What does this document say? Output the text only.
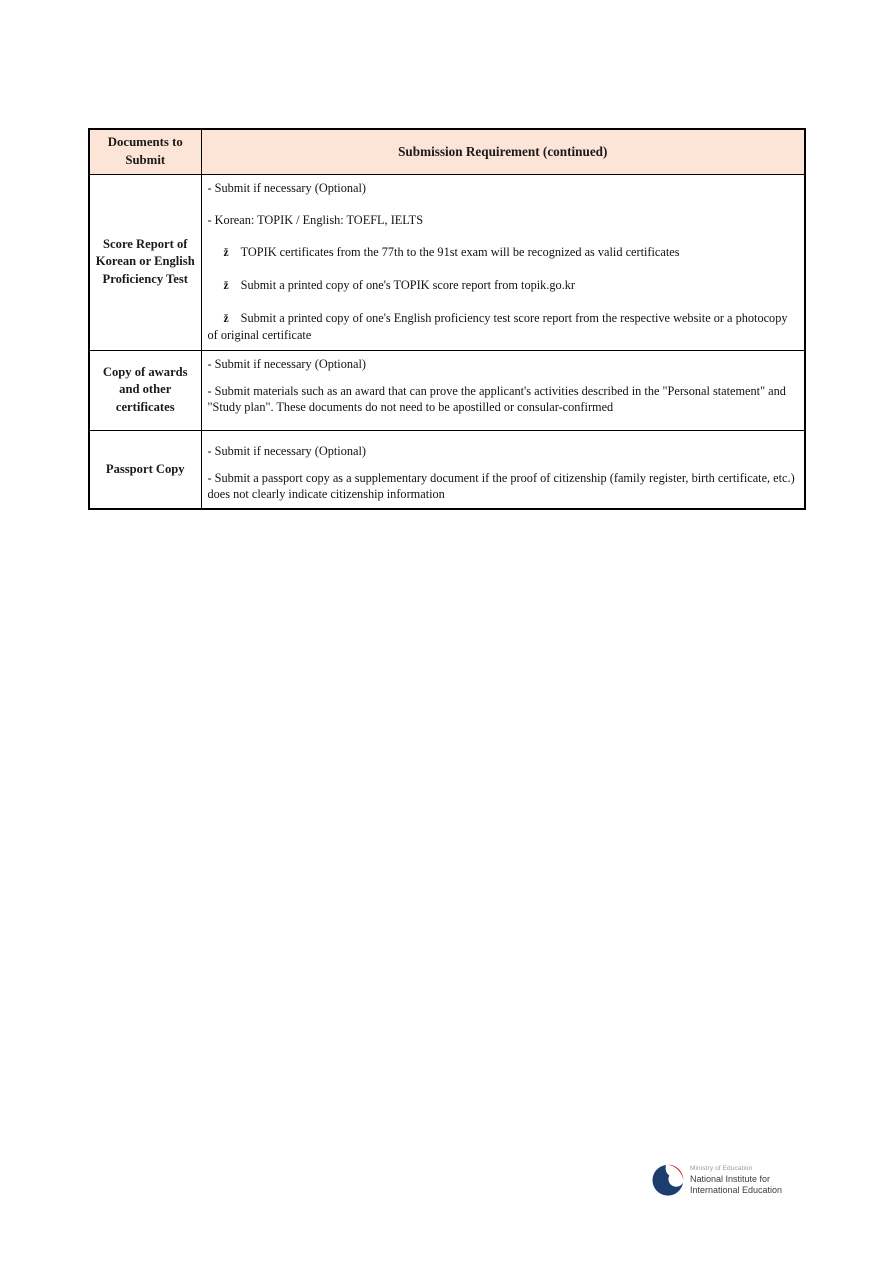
Documents to Submit	Submission Requirement (continued)
Score Report of Korean or English Proficiency Test	- Submit if necessary (Optional)

- Korean: TOPIK / English: TOEFL, IELTS

ž TOPIK certificates from the 77th to the 91st exam will be recognized as valid certificates

ž Submit a printed copy of one's TOPIK score report from topik.go.kr

ž Submit a printed copy of one's English proficiency test score report from the respective website or a photocopy of original certificate

Copy of awards and other certificates	- Submit if necessary (Optional)

- Submit materials such as an award that can prove the applicant's activities described in the "Personal statement" and "Study plan". These documents do not need to be apostilled or consular-confirmed

Passport Copy	- Submit if necessary (Optional)

- Submit a passport copy as a supplementary document if the proof of citizenship (family register, birth certificate, etc.) does not clearly indicate citizenship information

Ministry of Education

National Institute for

International Education
